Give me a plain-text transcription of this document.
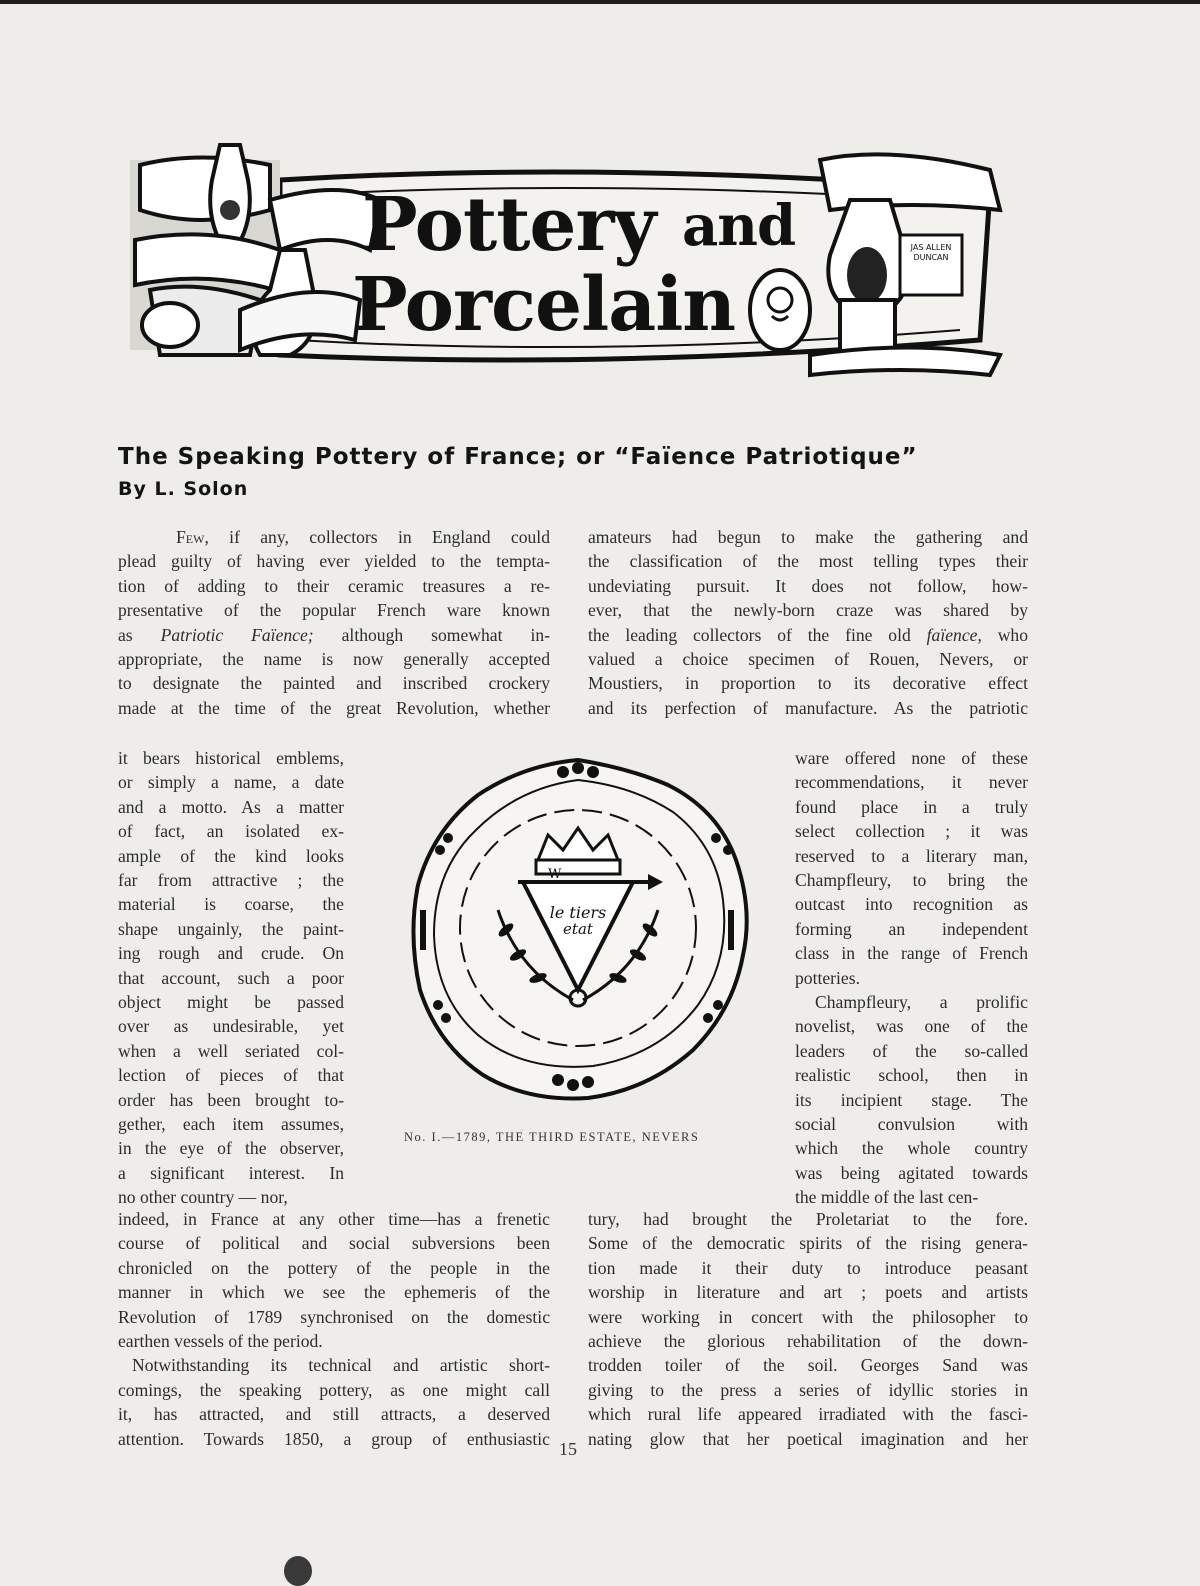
Pottery and
Porcelain
JAS ALLEN DUNCAN
The Speaking Pottery of France; or “Faïence Patriotique”
By L. Solon
Few, if any, collectors in England could
plead guilty of having ever yielded to the tempta-
tion of adding to their ceramic treasures a re-
presentative of the popular French ware known
as Patriotic Faïence; although somewhat in-
appropriate, the name is now generally accepted
to designate the painted and inscribed crockery
made at the time of the great Revolution, whether
it bears historical emblems,
or simply a name, a date
and a motto. As a matter
of fact, an isolated ex-
ample of the kind looks
far from attractive ; the
material is coarse, the
shape ungainly, the paint-
ing rough and crude. On
that account, such a poor
object might be passed
over as undesirable, yet
when a well seriated col-
lection of pieces of that
order has been brought to-
gether, each item assumes,
in the eye of the observer,
a significant interest. In
no other country — nor,
indeed, in France at any other time—has a frenetic
course of political and social subversions been
chronicled on the pottery of the people in the
manner in which we see the ephemeris of the
Revolution of 1789 synchronised on the domestic
earthen vessels of the period.
Notwithstanding its technical and artistic short-
comings, the speaking pottery, as one might call
it, has attracted, and still attracts, a deserved
attention. Towards 1850, a group of enthusiastic
amateurs had begun to make the gathering and
the classification of the most telling types their
undeviating pursuit. It does not follow, how-
ever, that the newly-born craze was shared by
the leading collectors of the fine old faïence, who
valued a choice specimen of Rouen, Nevers, or
Moustiers, in proportion to its decorative effect
and its perfection of manufacture. As the patriotic
ware offered none of these
recommendations, it never
found place in a truly
select collection ; it was
reserved to a literary man,
Champfleury, to bring the
outcast into recognition as
forming an independent
class in the range of French
potteries.
Champfleury, a prolific
novelist, was one of the
leaders of the so-called
realistic school, then in
its incipient stage. The
social convulsion with
which the whole country
was being agitated towards
the middle of the last cen-
tury, had brought the Proletariat to the fore.
Some of the democratic spirits of the rising genera-
tion made it their duty to introduce peasant
worship in literature and art ; poets and artists
were working in concert with the philosopher to
achieve the glorious rehabilitation of the down-
trodden toiler of the soil. Georges Sand was
giving to the press a series of idyllic stories in
which rural life appeared irradiated with the fasci-
nating glow that her poetical imagination and her
W
le tiers
etat
No. I.—1789, THE THIRD ESTATE, NEVERS
15
